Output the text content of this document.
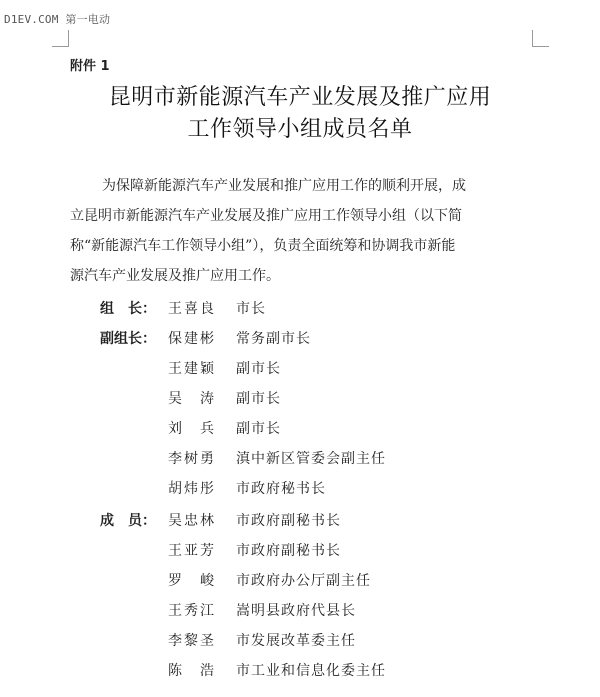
D1EV.COM 第一电动
附件 1
昆明市新能源汽车产业发展及推广应用
工作领导小组成员名单
为保障新能源汽车产业发展和推广应用工作的顺利开展，成
立昆明市新能源汽车产业发展及推广应用工作领导小组（以下简
称“新能源汽车工作领导小组”），负责全面统筹和协调我市新能
源汽车产业发展及推广应用工作。
组　长： 王喜良 市长
副组长： 保建彬 常务副市长
王建颖 副市长
吴　涛 副市长
刘　兵 副市长
李树勇 滇中新区管委会副主任
胡炜彤 市政府秘书长
成　员： 吴忠林 市政府副秘书长
王亚芳 市政府副秘书长
罗　峻 市政府办公厅副主任
王秀江 嵩明县政府代县长
李黎圣 市发展改革委主任
陈　浩 市工业和信息化委主任
